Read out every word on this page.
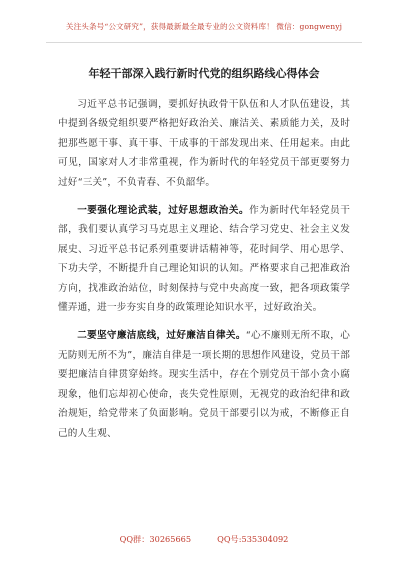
关注头条号“公文研究”，获得最新最全最专业的公文资料库！ 微信：gongwenyj
年轻干部深入践行新时代党的组织路线心得体会

习近平总书记强调，要抓好执政骨干队伍和人才队伍建设，其中提到各级党组织要严格把好政治关、廉洁关、素质能力关，及时把那些愿干事、真干事、干成事的干部发现出来、任用起来。由此可见，国家对人才非常重视，作为新时代的年轻党员干部更要努力过好“三关”，不负青春、不负韶华。

一要强化理论武装，过好思想政治关。作为新时代年轻党员干部，我们要认真学习马克思主义理论、结合学习党史、社会主义发展史、习近平总书记系列重要讲话精神等，花时间学、用心思学、下功夫学，不断提升自己理论知识的认知。严格要求自己把准政治方向，找准政治站位，时刻保持与党中央高度一致，把各项政策学懂弄通，进一步夯实自身的政策理论知识水平，过好政治关。

二要坚守廉洁底线，过好廉洁自律关。“心不廉则无所不取，心无防则无所不为”，廉洁自律是一项长期的思想作风建设，党员干部要把廉洁自律贯穿始终。现实生活中，存在个别党员干部小贪小腐现象，他们忘却初心使命，丧失党性原则，无视党的政治纪律和政治规矩，给党带来了负面影响。党员干部要引以为戒，不断修正自己的人生观、

QQ群：30265665	QQ号:535304092
